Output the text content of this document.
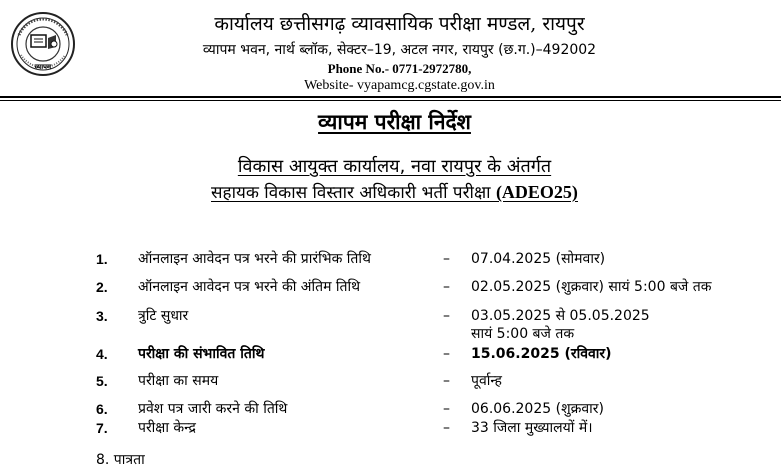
व्यापम
कार्यालय छत्तीसगढ़ व्यावसायिक परीक्षा मण्डल, रायपुर
व्यापम भवन, नार्थ ब्लॉक, सेक्टर–19, अटल नगर, रायपुर (छ.ग.)–492002
Phone No.- 0771-2972780,
Website- vyapamcg.cgstate.gov.in
व्यापम परीक्षा निर्देश
विकास आयुक्त कार्यालय, नवा रायपुर के अंतर्गत
सहायक विकास विस्तार अधिकारी भर्ती परीक्षा (ADEO25)
1. ऑनलाइन आवेदन पत्र भरने की प्रारंभिक तिथि	– 07.04.2025 (सोमवार)
2. ऑनलाइन आवेदन पत्र भरने की अंतिम तिथि	– 02.05.2025 (शुक्रवार) सायं 5:00 बजे तक
3. त्रुटि सुधार	– 03.05.2025 से 05.05.2025
सायं 5:00 बजे तक
4. परीक्षा की संभावित तिथि	– 15.06.2025 (रविवार)
5. परीक्षा का समय	– पूर्वान्ह
6. प्रवेश पत्र जारी करने की तिथि	– 06.06.2025 (शुक्रवार)
7. परीक्षा केन्द्र	– 33 जिला मुख्यालयों में।
8. पात्रता
